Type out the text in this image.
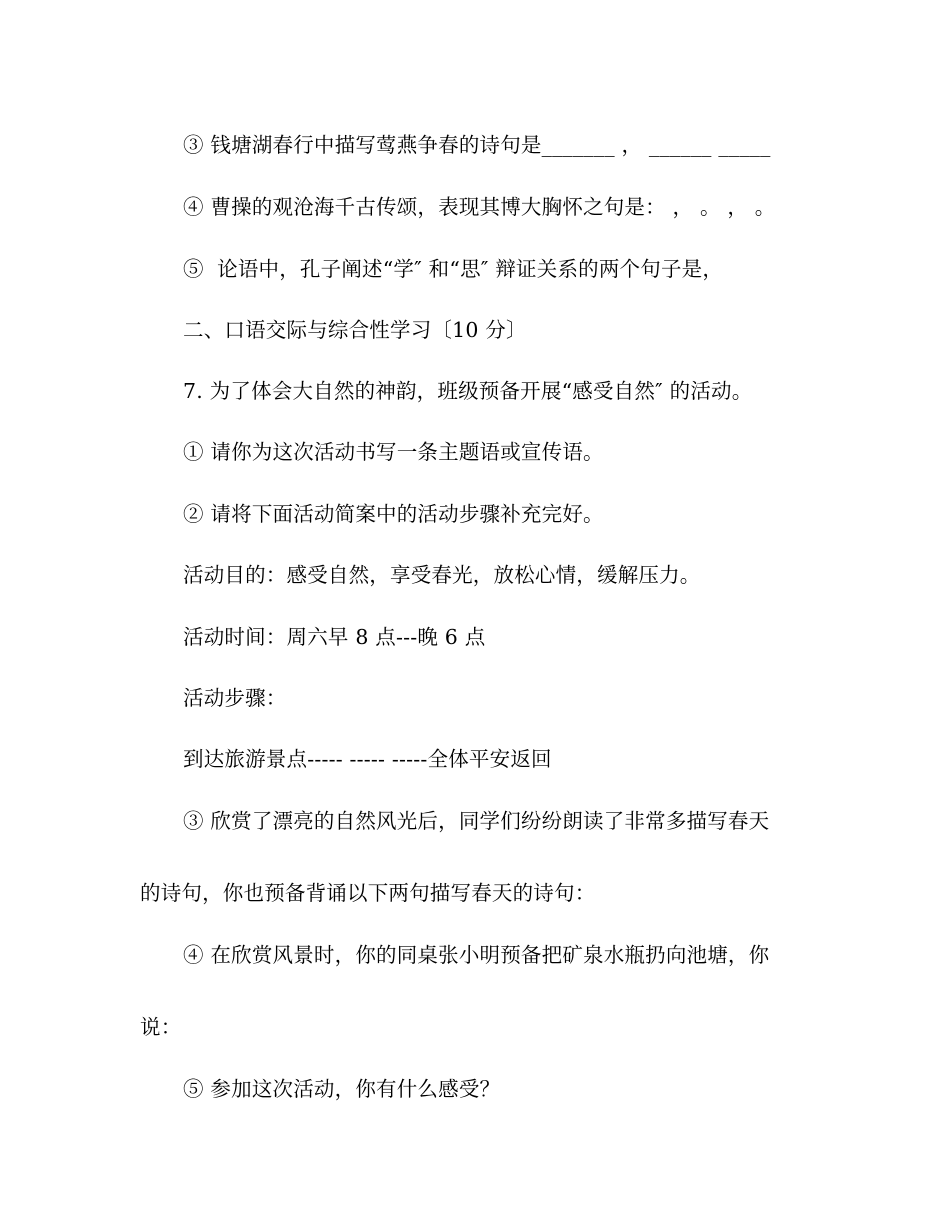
③ 钱塘湖春行中描写莺燕争春的诗句是_______ ， ______ _____
④ 曹操的观沧海千古传颂，表现其博大胸怀之句是： ， 。 ， 。
⑤  论语中，孔子阐述“学″ 和“思″ 辩证关系的两个句子是，
二、口语交际与综合性学习〔10 分〕
7. 为了体会大自然的神韵，班级预备开展“感受自然″ 的活动。
① 请你为这次活动书写一条主题语或宣传语。
② 请将下面活动简案中的活动步骤补充完好。
活动目的：感受自然，享受春光，放松心情，缓解压力。
活动时间：周六早 8 点---晚 6 点
活动步骤：
到达旅游景点----- ----- -----全体平安返回
③ 欣赏了漂亮的自然风光后，同学们纷纷朗读了非常多描写春天
的诗句，你也预备背诵以下两句描写春天的诗句：
④ 在欣赏风景时，你的同桌张小明预备把矿泉水瓶扔向池塘，你
说：
⑤ 参加这次活动，你有什么感受？
